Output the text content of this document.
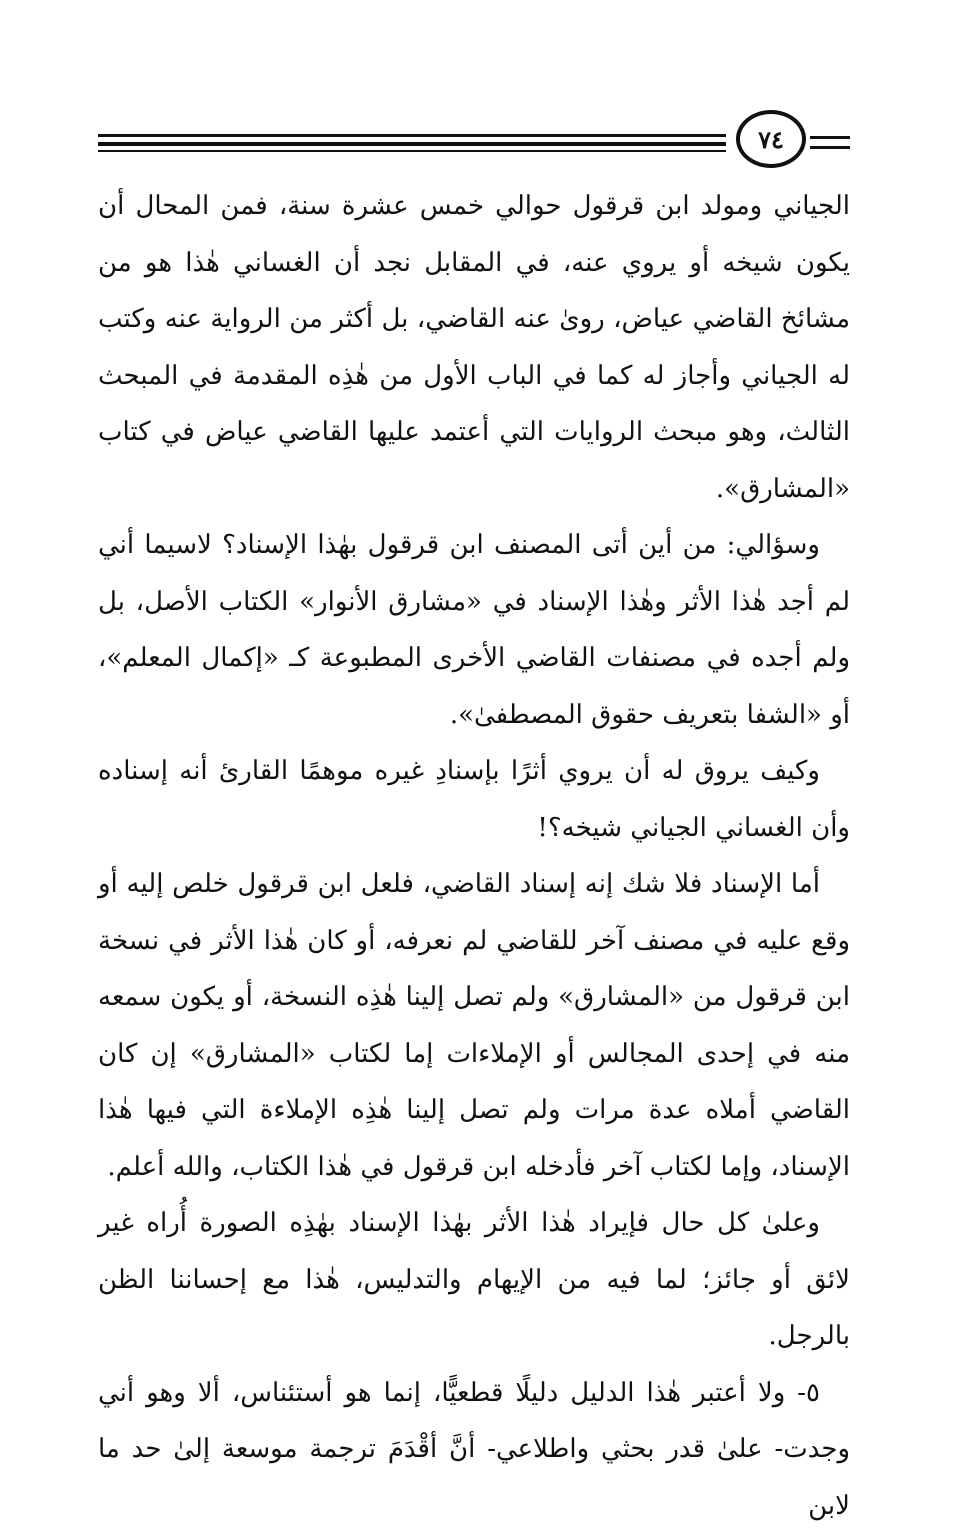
٧٤

الجياني ومولد ابن قرقول حوالي خمس عشرة سنة، فمن المحال أن يكون شيخه أو يروي عنه، في المقابل نجد أن الغساني هٰذا هو من مشائخ القاضي عياض، روىٰ عنه القاضي، بل أكثر من الرواية عنه وكتب له الجياني وأجاز له كما في الباب الأول من هٰذِه المقدمة في المبحث الثالث، وهو مبحث الروايات التي أعتمد عليها القاضي عياض في كتاب «المشارق».

وسؤالي: من أين أتى المصنف ابن قرقول بهٰذا الإسناد؟ لاسيما أني لم أجد هٰذا الأثر وهٰذا الإسناد في «مشارق الأنوار» الكتاب الأصل، بل ولم أجده في مصنفات القاضي الأخرى المطبوعة كـ «إكمال المعلم»، أو «الشفا بتعريف حقوق المصطفىٰ».

وكيف يروق له أن يروي أثرًا بإسنادِ غيره موهمًا القارئ أنه إسناده وأن الغساني الجياني شيخه؟!

أما الإسناد فلا شك إنه إسناد القاضي، فلعل ابن قرقول خلص إليه أو وقع عليه في مصنف آخر للقاضي لم نعرفه، أو كان هٰذا الأثر في نسخة ابن قرقول من «المشارق» ولم تصل إلينا هٰذِه النسخة، أو يكون سمعه منه في إحدى المجالس أو الإملاءات إما لكتاب «المشارق» إن كان القاضي أملاه عدة مرات ولم تصل إلينا هٰذِه الإملاءة التي فيها هٰذا الإسناد، وإما لكتاب آخر فأدخله ابن قرقول في هٰذا الكتاب، والله أعلم.

وعلىٰ كل حال فإيراد هٰذا الأثر بهٰذا الإسناد بهٰذِه الصورة أُراه غير لائق أو جائز؛ لما فيه من الإيهام والتدليس، هٰذا مع إحساننا الظن بالرجل.

٥- ولا أعتبر هٰذا الدليل دليلًا قطعيًّا، إنما هو أستئناس، ألا وهو أني وجدت- علىٰ قدر بحثي واطلاعي- أنَّ أقْدَمَ ترجمة موسعة إلىٰ حد ما لابن
